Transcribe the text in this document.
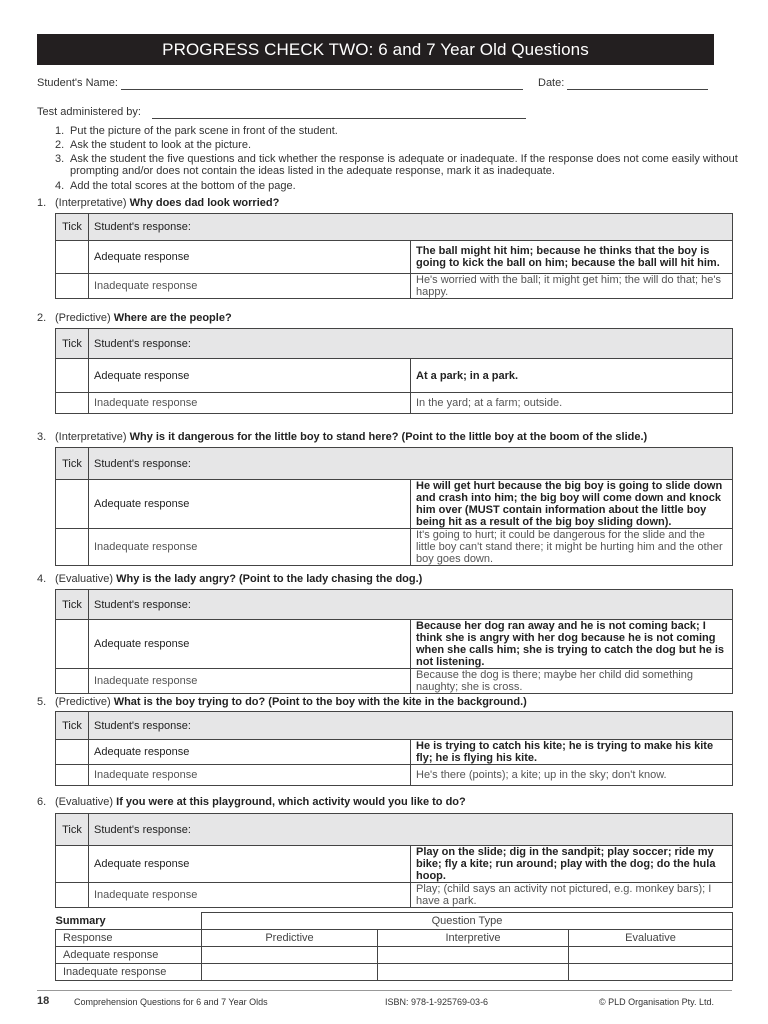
PROGRESS CHECK TWO: 6 and 7 Year Old Questions
Student's Name:	Date:
Test administered by:
1. Put the picture of the park scene in front of the student.
2. Ask the student to look at the picture.
3. Ask the student the five questions and tick whether the response is adequate or inadequate. If the response does not come easily without prompting and/or does not contain the ideas listed in the adequate response, mark it as inadequate.
4. Add the total scores at the bottom of the page.
1. (Interpretative) Why does dad look worried?
Tick	Student's response:	
	Adequate response	The ball might hit him; because he thinks that the boy is going to kick the ball on him; because the ball will hit him.
	Inadequate response	He's worried with the ball; it might get him; the will do that; he's happy.
2. (Predictive) Where are the people?
Tick	Student's response:	
	Adequate response	At a park; in a park.
	Inadequate response	In the yard; at a farm; outside.
3. (Interpretative) Why is it dangerous for the little boy to stand here? (Point to the little boy at the boom of the slide.)
Tick	Student's response:	
	Adequate response	He will get hurt because the big boy is going to slide down and crash into him; the big boy will come down and knock him over (MUST contain information about the little boy being hit as a result of the big boy sliding down).
	Inadequate response	It's going to hurt; it could be dangerous for the slide and the little boy can't stand there; it might be hurting him and the other boy goes down.
4. (Evaluative) Why is the lady angry? (Point to the lady chasing the dog.)
Tick	Student's response:	
	Adequate response	Because her dog ran away and he is not coming back; I think she is angry with her dog because he is not coming when she calls him; she is trying to catch the dog but he is not listening.
	Inadequate response	Because the dog is there; maybe her child did something naughty; she is cross.
5. (Predictive) What is the boy trying to do? (Point to the boy with the kite in the background.)
Tick	Student's response:	
	Adequate response	He is trying to catch his kite; he is trying to make his kite fly; he is flying his kite.
	Inadequate response	He's there (points); a kite; up in the sky; don't know.
6. (Evaluative) If you were at this playground, which activity would you like to do?
Tick	Student's response:	
	Adequate response	Play on the slide; dig in the sandpit; play soccer; ride my bike; fly a kite; run around; play with the dog; do the hula hoop.
	Inadequate response	Play; (child says an activity not pictured, e.g. monkey bars); I have a park.
Summary	Question Type		
Response	Predictive	Interpretive	Evaluative
Adequate response			
Inadequate response			
18	Comprehension Questions for 6 and 7 Year Olds	ISBN: 978-1-925769-03-6	© PLD Organisation Pty. Ltd.
